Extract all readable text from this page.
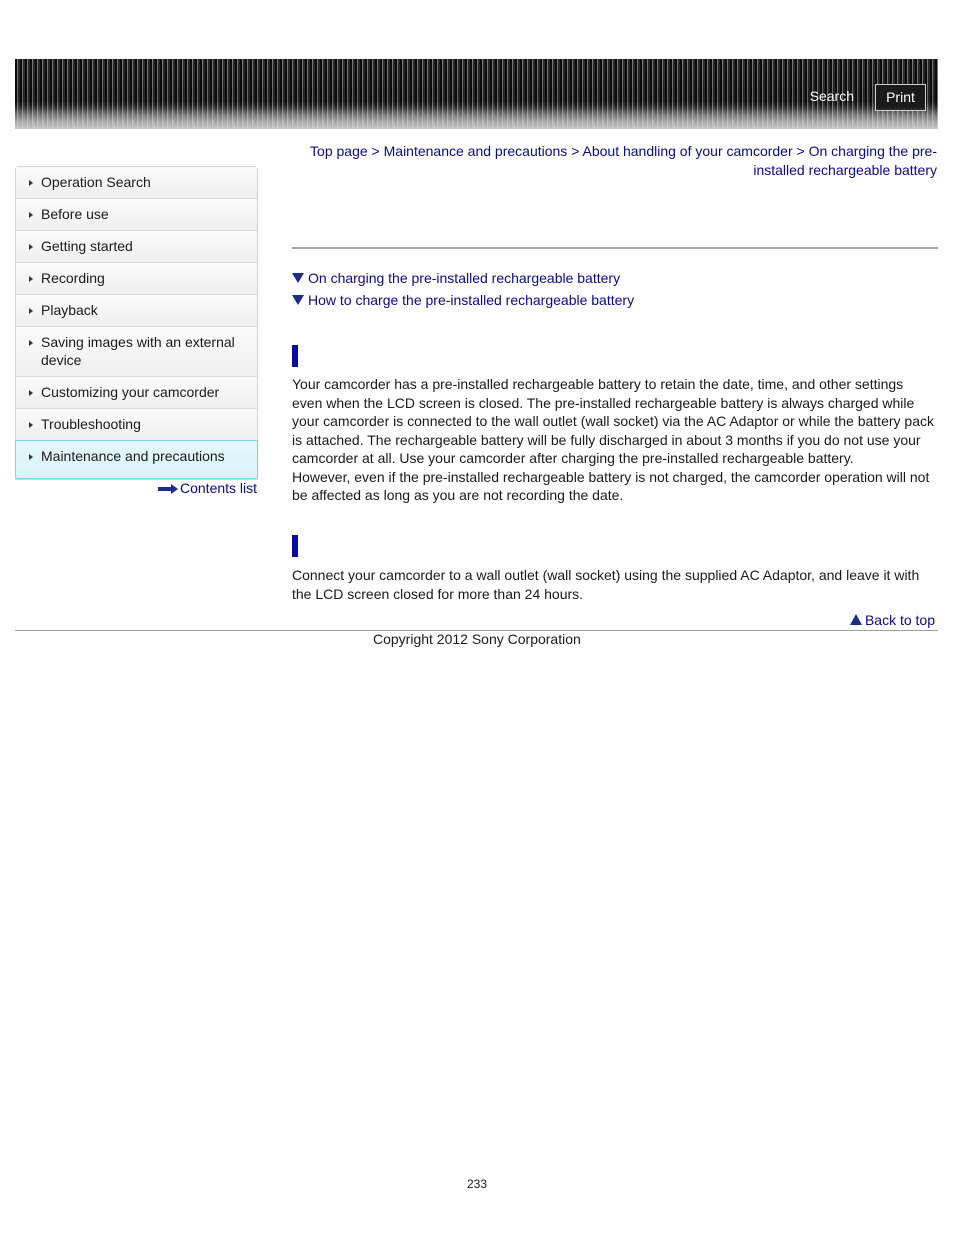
Search	Print
Top page > Maintenance and precautions > About handling of your camcorder > On charging the pre-installed rechargeable battery
Operation Search
Before use
Getting started
Recording
Playback
Saving images with an external device
Customizing your camcorder
Troubleshooting
Maintenance and precautions
Contents list
On charging the pre-installed rechargeable battery
How to charge the pre-installed rechargeable battery
Your camcorder has a pre-installed rechargeable battery to retain the date, time, and other settings
even when the LCD screen is closed. The pre-installed rechargeable battery is always charged while
your camcorder is connected to the wall outlet (wall socket) via the AC Adaptor or while the battery pack
is attached. The rechargeable battery will be fully discharged in about 3 months if you do not use your
camcorder at all. Use your camcorder after charging the pre-installed rechargeable battery.
However, even if the pre-installed rechargeable battery is not charged, the camcorder operation will not
be affected as long as you are not recording the date.
Connect your camcorder to a wall outlet (wall socket) using the supplied AC Adaptor, and leave it with
the LCD screen closed for more than 24 hours.
Back to top
Copyright 2012 Sony Corporation
233
